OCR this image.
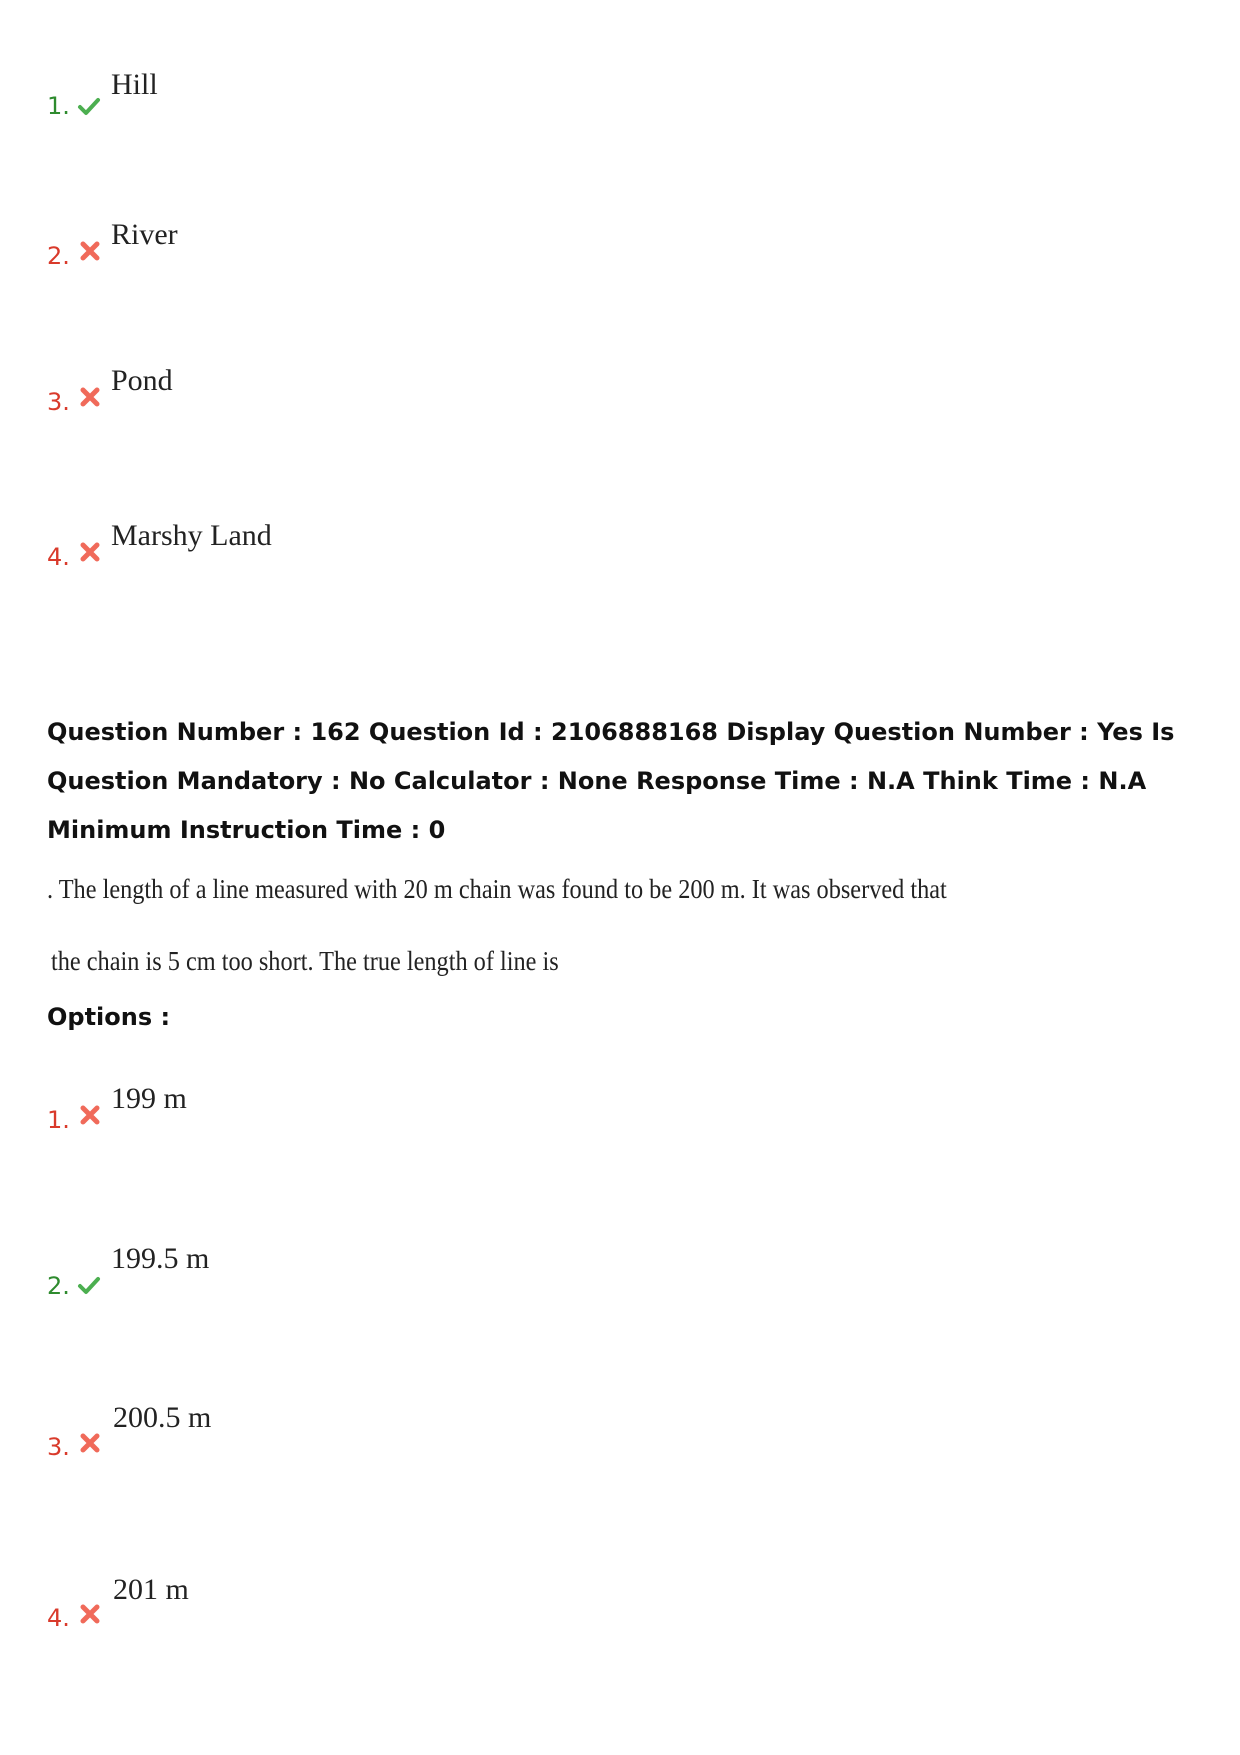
Hill
1.
River
2.
Pond
3.
Marshy Land
4.
Question Number : 162 Question Id : 2106888168 Display Question Number : Yes Is Question Mandatory : No Calculator : None Response Time : N.A Think Time : N.A Minimum Instruction Time : 0
. The length of a line measured with 20 m chain was found to be 200 m. It was observed that
the chain is 5 cm too short. The true length of line is
Options :
199 m
1.
199.5 m
2.
200.5 m
3.
201 m
4.
